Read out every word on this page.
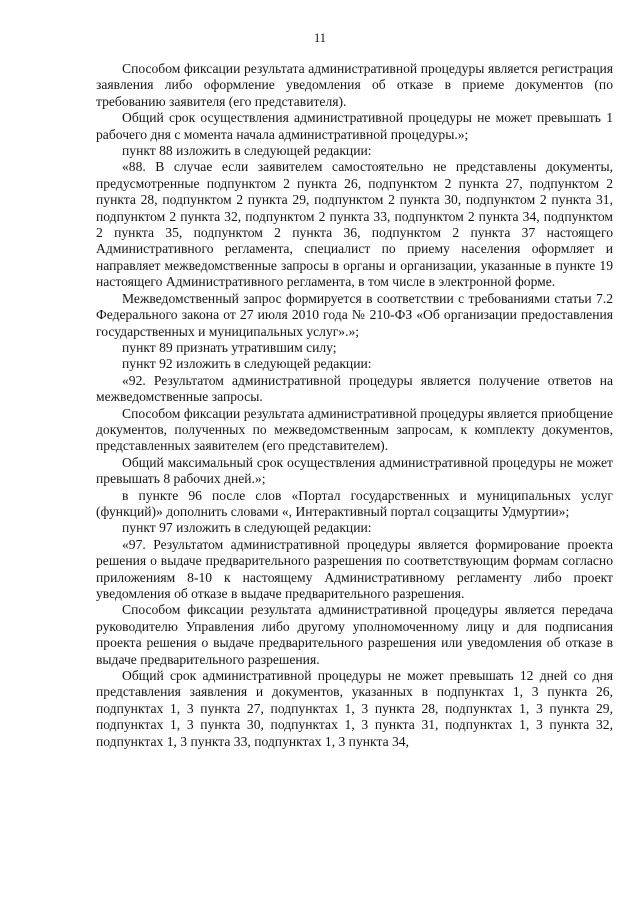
11

Способом фиксации результата административной процедуры является регистрация заявления либо оформление уведомления об отказе в приеме документов (по требованию заявителя (его представителя).

Общий срок осуществления административной процедуры не может превышать 1 рабочего дня с момента начала административной процедуры.»;

пункт 88 изложить в следующей редакции:

«88. В случае если заявителем самостоятельно не представлены документы, предусмотренные подпунктом 2 пункта 26, подпунктом 2 пункта 27, подпунктом 2 пункта 28, подпунктом 2 пункта 29, подпунктом 2 пункта 30, подпунктом 2 пункта 31, подпунктом 2 пункта 32, подпунктом 2 пункта 33, подпунктом 2 пункта 34, подпунктом 2 пункта 35, подпунктом 2 пункта 36, подпунктом 2 пункта 37 настоящего Административного регламента, специалист по приему населения оформляет и направляет межведомственные запросы в органы и организации, указанные в пункте 19 настоящего Административного регламента, в том числе в электронной форме.

Межведомственный запрос формируется в соответствии с требованиями статьи 7.2 Федерального закона от 27 июля 2010 года № 210-ФЗ «Об организации предоставления государственных и муниципальных услуг».»;

пункт 89 признать утратившим силу;

пункт 92 изложить в следующей редакции:

«92. Результатом административной процедуры является получение ответов на межведомственные запросы.

Способом фиксации результата административной процедуры является приобщение документов, полученных по межведомственным запросам, к комплекту документов, представленных заявителем (его представителем).

Общий максимальный срок осуществления административной процедуры не может превышать 8 рабочих дней.»;

в пункте 96 после слов «Портал государственных и муниципальных услуг (функций)» дополнить словами «, Интерактивный портал соцзащиты Удмуртии»;

пункт 97 изложить в следующей редакции:

«97. Результатом административной процедуры является формирование проекта решения о выдаче предварительного разрешения по соответствующим формам согласно приложениям 8-10 к настоящему Административному регламенту либо проект уведомления об отказе в выдаче предварительного разрешения.

Способом фиксации результата административной процедуры является передача руководителю Управления либо другому уполномоченному лицу и для подписания проекта решения о выдаче предварительного разрешения или уведомления об отказе в выдаче предварительного разрешения.

Общий срок административной процедуры не может превышать 12 дней со дня представления заявления и документов, указанных в подпунктах 1, 3 пункта 26, подпунктах 1, 3 пункта 27, подпунктах 1, 3 пункта 28, подпунктах 1, 3 пункта 29, подпунктах 1, 3 пункта 30, подпунктах 1, 3 пункта 31, подпунктах 1, 3 пункта 32, подпунктах 1, 3 пункта 33, подпунктах 1, 3 пункта 34,
